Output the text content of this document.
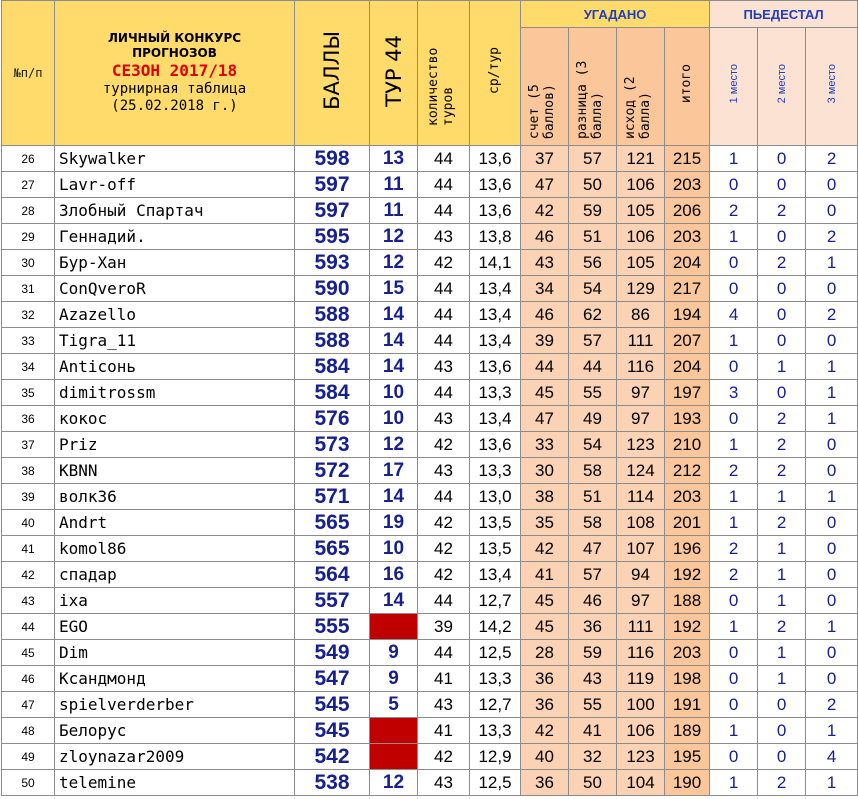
№п/п	ЛИЧНЫЙ КОНКУРС
ПРОГНОЗОВ
СЕЗОН 2017/18
турнирная таблица
(25.02.2018 г.)	БАЛЛЫ	ТУР 44	количество туров	ср/тур	УГАДАНО				ПЬЕДЕСТАЛ		
						счет (5 баллов)	разница (3 балла)	исход (2 балла)	итого	1 место	2 место	3 место
26	Skywalker	598	13	44	13,6	37	57	121	215	1	0	2
27	Lavr-off	597	11	44	13,6	47	50	106	203	0	0	0
28	Злобный Спартач	597	11	44	13,6	42	59	105	206	2	2	0
29	Геннадий.	595	12	43	13,8	46	51	106	203	1	0	2
30	Бур-Хан	593	12	42	14,1	43	56	105	204	0	2	1
31	ConQveroR	590	15	44	13,4	34	54	129	217	0	0	0
32	Azazello	588	14	44	13,4	46	62	86	194	4	0	2
33	Tigra_11	588	14	44	13,4	39	57	111	207	1	0	0
34	Anticoнь	584	14	43	13,6	44	44	116	204	0	1	1
35	dimitrossm	584	10	44	13,3	45	55	97	197	3	0	1
36	кокос	576	10	43	13,4	47	49	97	193	0	2	1
37	Priz	573	12	42	13,6	33	54	123	210	1	2	0
38	KBNN	572	17	43	13,3	30	58	124	212	2	2	0
39	волк36	571	14	44	13,0	38	51	114	203	1	1	1
40	Andrt	565	19	42	13,5	35	58	108	201	1	2	0
41	komol86	565	10	42	13,5	42	47	107	196	2	1	0
42	спадар	564	16	42	13,4	41	57	94	192	2	1	0
43	ixa	557	14	44	12,7	45	46	97	188	0	1	0
44	EGO	555		39	14,2	45	36	111	192	1	2	1
45	Dim	549	9	44	12,5	28	59	116	203	0	1	0
46	Ксандмонд	547	9	41	13,3	36	43	119	198	0	1	0
47	spielverderber	545	5	43	12,7	36	55	100	191	0	0	2
48	Белорус	545		41	13,3	42	41	106	189	1	0	1
49	zloynazar2009	542		42	12,9	40	32	123	195	0	0	4
50	telemine	538	12	43	12,5	36	50	104	190	1	2	1
